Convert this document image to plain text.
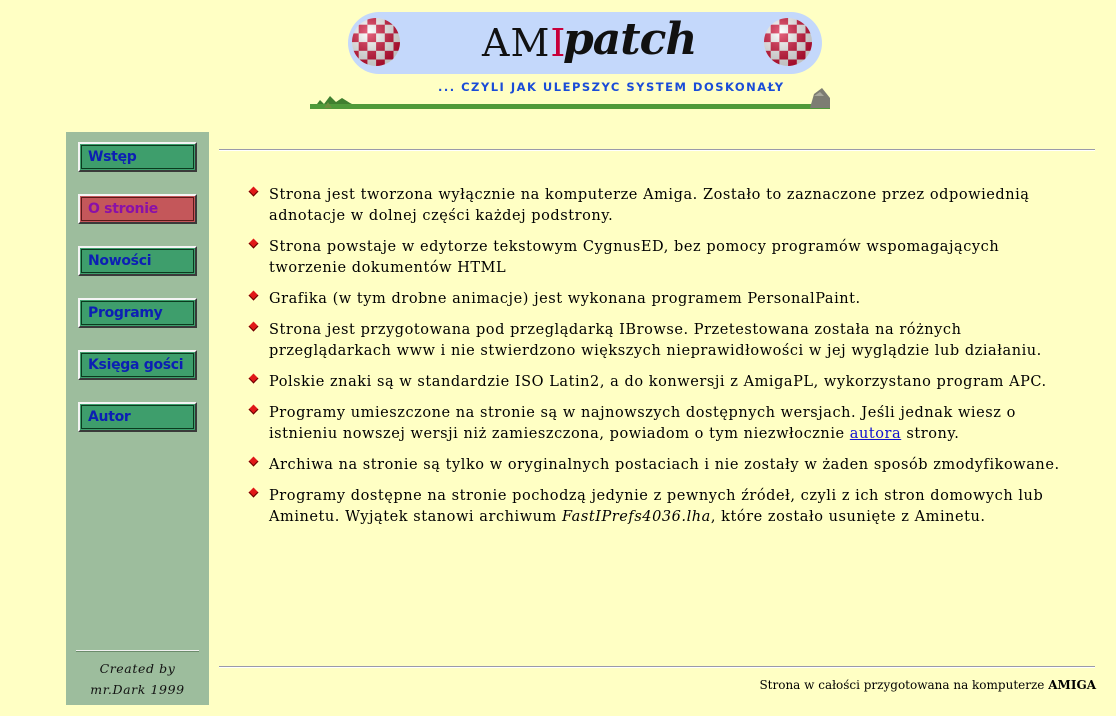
AMI
patch
... CZYLI JAK ULEPSZYC SYSTEM DOSKONAŁY
Wstęp
O stronie
Nowości
Programy
Księga gości
Autor
Created by
mr.Dark 1999
Strona jest tworzona wyłącznie na komputerze Amiga. Zostało to zaznaczone przez odpowiednią adnotacje w dolnej części każdej podstrony.
Strona powstaje w edytorze tekstowym CygnusED, bez pomocy programów wspomagających tworzenie dokumentów HTML
Grafika (w tym drobne animacje) jest wykonana programem PersonalPaint.
Strona jest przygotowana pod przeglądarką IBrowse. Przetestowana została na różnych przeglądarkach www i nie stwierdzono większych nieprawidłowości w jej wyglądzie lub działaniu.
Polskie znaki są w standardzie ISO Latin2, a do konwersji z AmigaPL, wykorzystano program APC.
Programy umieszczone na stronie są w najnowszych dostępnych wersjach. Jeśli jednak wiesz o istnieniu nowszej wersji niż zamieszczona, powiadom o tym niezwłocznie autora strony.
Archiwa na stronie są tylko w oryginalnych postaciach i nie zostały w żaden sposób zmodyfikowane.
Programy dostępne na stronie pochodzą jedynie z pewnych źródeł, czyli z ich stron domowych lub Aminetu. Wyjątek stanowi archiwum FastIPrefs4036.lha, które zostało usunięte z Aminetu.
Strona w całości przygotowana na komputerze AMIGA
